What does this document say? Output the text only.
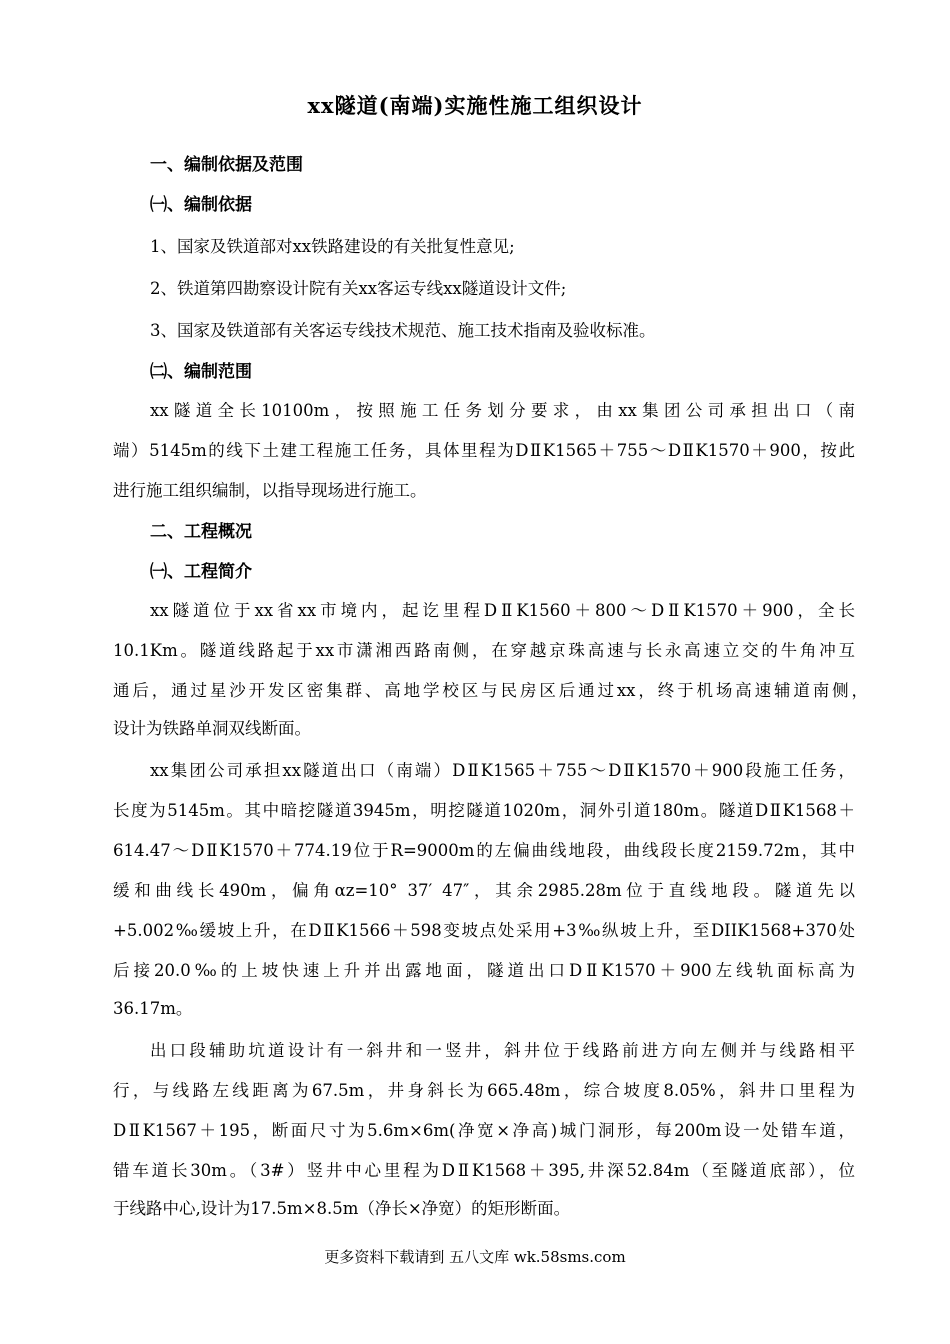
xx隧道(南端)实施性施工组织设计
一、编制依据及范围
㈠、编制依据
1、国家及铁道部对xx铁路建设的有关批复性意见;
2、铁道第四勘察设计院有关xx客运专线xx隧道设计文件;
3、国家及铁道部有关客运专线技术规范、施工技术指南及验收标准。
㈡、编制范围
xx隧道全长10100m，按照施工任务划分要求，由xx集团公司承担出口（南
端）5145m的线下土建工程施工任务，具体里程为DⅡK1565＋755～DⅡK1570＋900，按此
进行施工组织编制，以指导现场进行施工。
二、工程概况
㈠、工程简介
xx隧道位于xx省xx市境内，起讫里程DⅡK1560＋800～DⅡK1570＋900，全长
10.1Km。隧道线路起于xx市潇湘西路南侧，在穿越京珠高速与长永高速立交的牛角冲互
通后，通过星沙开发区密集群、高地学校区与民房区后通过xx，终于机场高速辅道南侧，
设计为铁路单洞双线断面。
xx集团公司承担xx隧道出口（南端）DⅡK1565＋755～DⅡK1570＋900段施工任务，
长度为5145m。其中暗挖隧道3945m，明挖隧道1020m，洞外引道180m。隧道DⅡK1568＋
614.47～DⅡK1570＋774.19位于R=9000m的左偏曲线地段，曲线段长度2159.72m，其中
缓和曲线长490m，偏角αz=10° 37′ 47″，其余2985.28m位于直线地段。隧道先以
+5.002‰缓坡上升，在DⅡK1566＋598变坡点处采用+3‰纵坡上升，至DIIK1568+370处
后接20.0‰的上坡快速上升并出露地面，隧道出口DⅡK1570＋900左线轨面标高为
36.17m。
出口段辅助坑道设计有一斜井和一竖井，斜井位于线路前进方向左侧并与线路相平
行，与线路左线距离为67.5m，井身斜长为665.48m，综合坡度8.05%，斜井口里程为
DⅡK1567＋195，断面尺寸为5.6m×6m(净宽×净高)城门洞形，每200m设一处错车道，
错车道长30m。（3#）竖井中心里程为DⅡK1568＋395,井深52.84m（至隧道底部），位
于线路中心,设计为17.5m×8.5m（净长×净宽）的矩形断面。
更多资料下载请到 五八文库 wk.58sms.com
